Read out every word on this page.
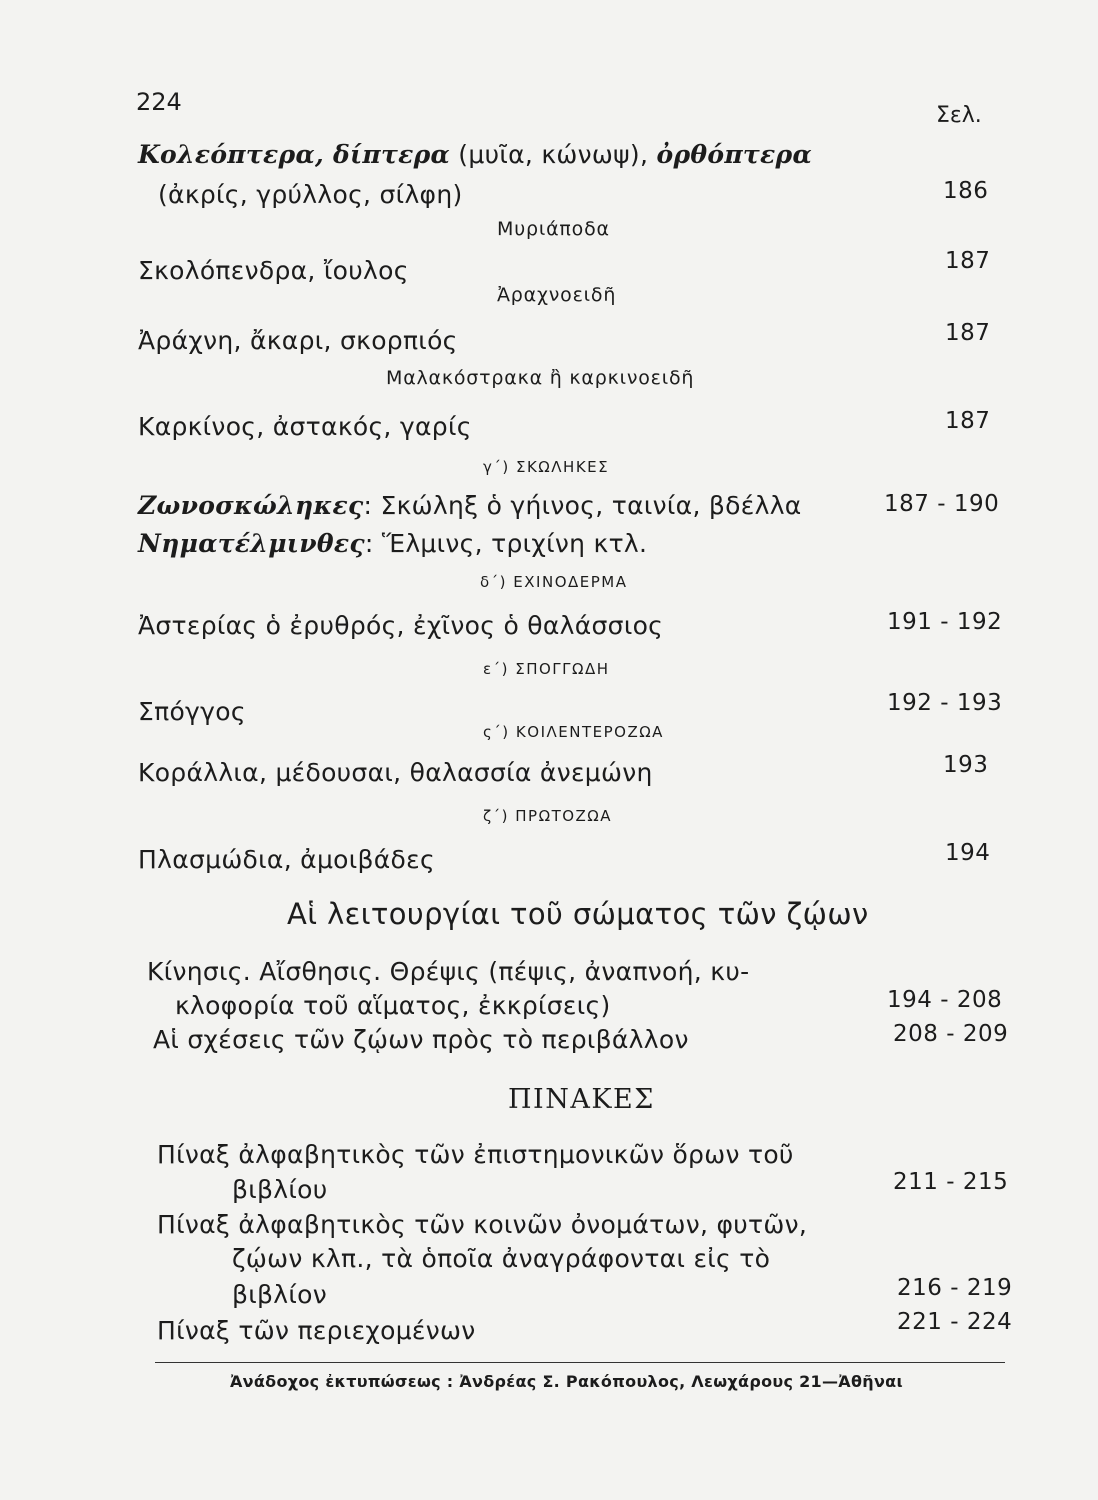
224	Σελ.
Κολεόπτερα, δίπτερα (μυῖα, κώνωψ), ὀρθόπτερα
(ἀκρίς, γρύλλος, σίλφη)	186
Μυριάποδα
Σκολόπενδρα, ἴουλος	187
Ἀραχνοειδῆ
Ἀράχνη, ἄκαρι, σκορπιός	187
Μαλακόστρακα ἢ καρκινοειδῆ
Καρκίνος, ἀστακός, γαρίς	187
γ΄) ΣΚΩΛΗΚΕΣ
Ζωνοσκώληκες: Σκώληξ ὁ γήινος, ταινία, βδέλλα	187 - 190
Νηματέλμινθες: Ἕλμινς, τριχίνη κτλ.
δ΄) ΕΧΙΝΟΔΕΡΜΑ
Ἀστερίας ὁ ἐρυθρός, ἐχῖνος ὁ θαλάσσιος	191 - 192
ε΄) ΣΠΟΓΓΩΔΗ
Σπόγγος	192 - 193
ς΄) ΚΟΙΛΕΝΤΕΡΟΖΩΑ
Κοράλλια, μέδουσαι, θαλασσία ἀνεμώνη	193
ζ΄) ΠΡΩΤΟΖΩΑ
Πλασμώδια, ἀμοιβάδες	194
Αἱ λειτουργίαι τοῦ σώματος τῶν ζῴων
Κίνησις. Αἴσθησις. Θρέψις (πέψις, ἀναπνοή, κυ-
κλοφορία τοῦ αἵματος, ἐκκρίσεις)	194 - 208
Αἱ σχέσεις τῶν ζῴων πρὸς τὸ περιβάλλον	208 - 209
ΠΙΝΑΚΕΣ
Πίναξ ἀλφαβητικὸς τῶν ἐπιστημονικῶν ὅρων τοῦ
βιβλίου	211 - 215
Πίναξ ἀλφαβητικὸς τῶν κοινῶν ὀνομάτων, φυτῶν,
ζῴων κλπ., τὰ ὁποῖα ἀναγράφονται εἰς τὸ
βιβλίον	216 - 219
Πίναξ τῶν περιεχομένων	221 - 224
Ἀνάδοχος ἐκτυπώσεως : Ἀνδρέας Σ. Ρακόπουλος, Λεωχάρους 21—Ἀθῆναι
